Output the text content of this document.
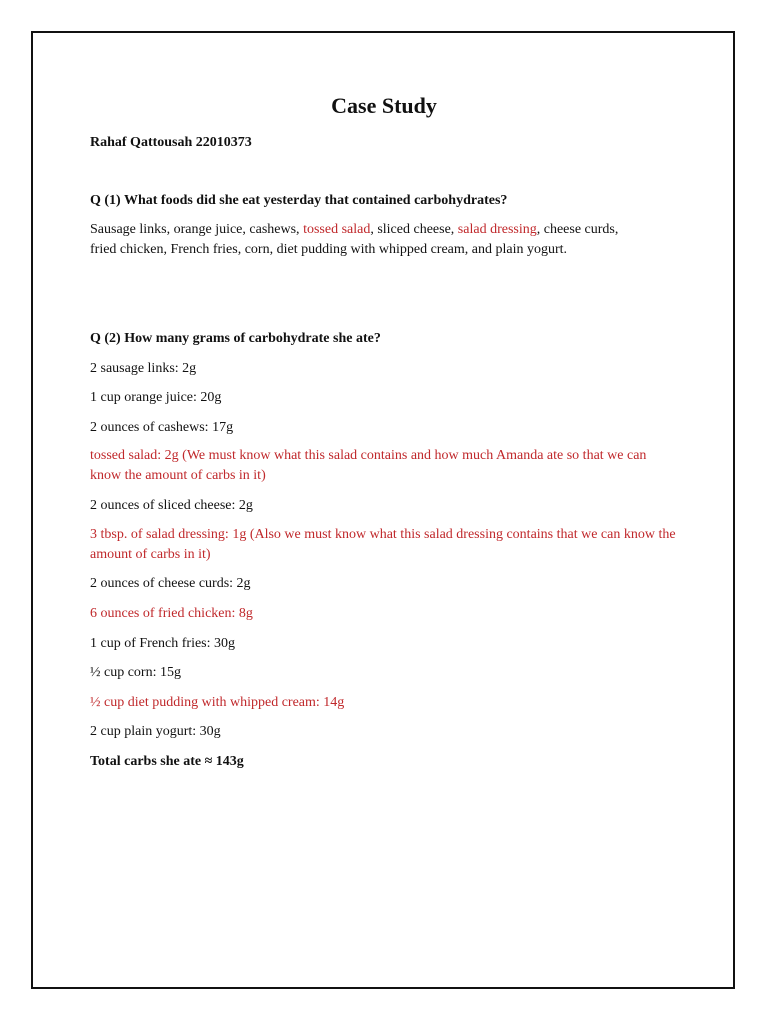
Case Study

Rahaf Qattousah 22010373

Q (1) What foods did she eat yesterday that contained carbohydrates?

Sausage links, orange juice, cashews, tossed salad, sliced cheese, salad dressing, cheese curds,

fried chicken, French fries, corn, diet pudding with whipped cream, and plain yogurt.

Q (2) How many grams of carbohydrate she ate?

2 sausage links: 2g

1 cup orange juice: 20g

2 ounces of cashews: 17g

tossed salad: 2g (We must know what this salad contains and how much Amanda ate so that we can know the amount of carbs in it)

2 ounces of sliced cheese: 2g

3 tbsp. of salad dressing: 1g (Also we must know what this salad dressing contains that we can know the amount of carbs in it)

2 ounces of cheese curds: 2g

6 ounces of fried chicken: 8g

1 cup of French fries: 30g

½ cup corn: 15g

½ cup diet pudding with whipped cream: 14g

2 cup plain yogurt: 30g

Total carbs she ate ≈ 143g
